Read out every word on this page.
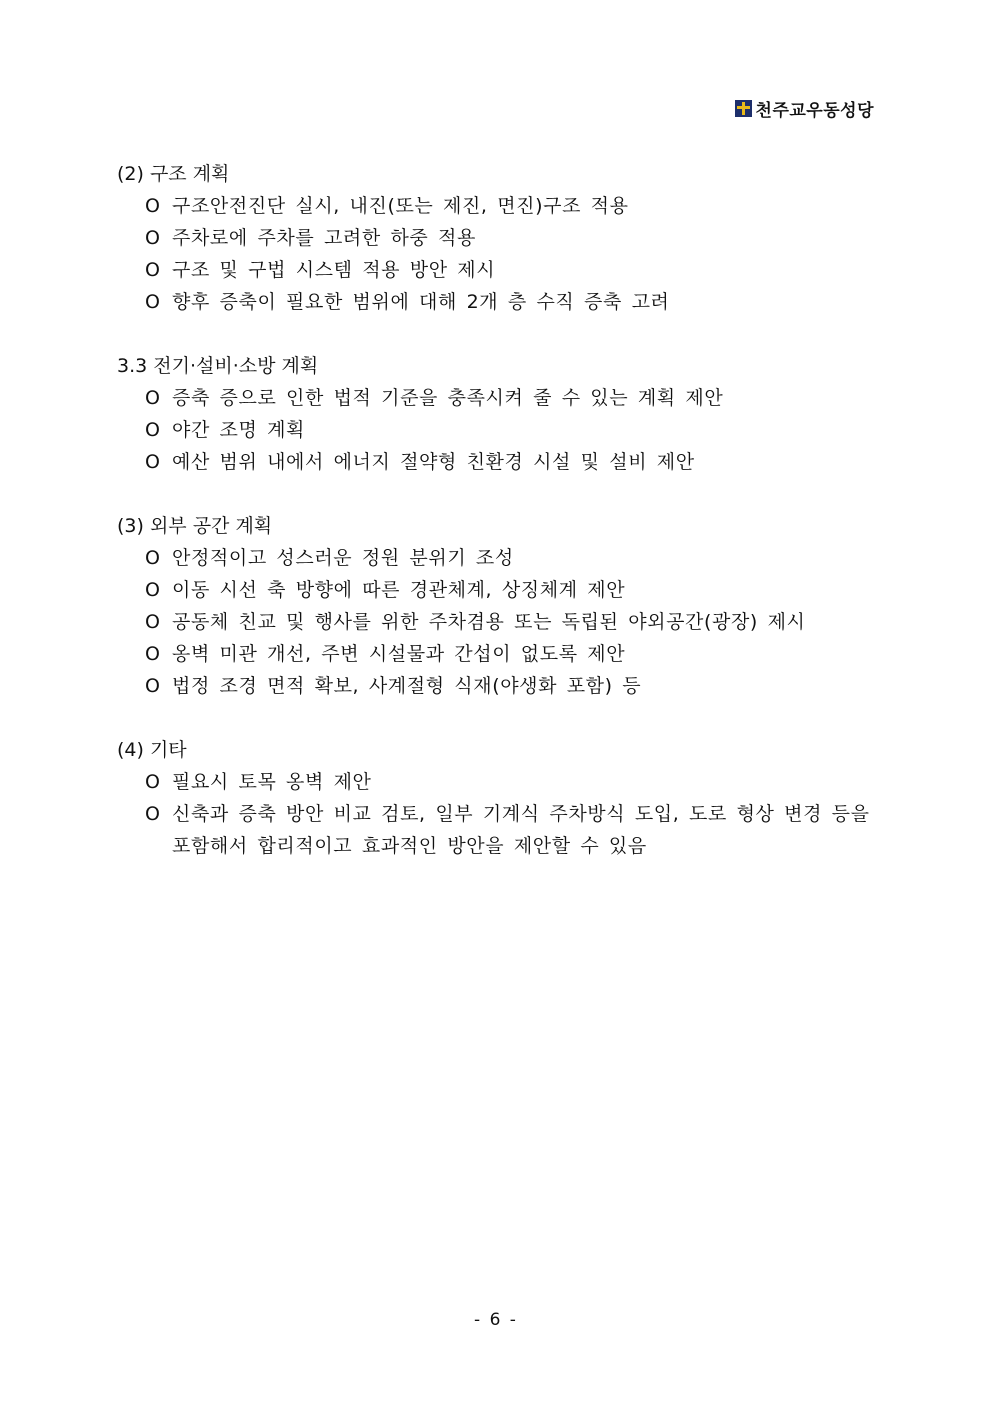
천주교우동성당
(2) 구조 계획
O 구조안전진단 실시, 내진(또는 제진, 면진)구조 적용
O 주차로에 주차를 고려한 하중 적용
O 구조 및 구법 시스템 적용 방안 제시
O 향후 증축이 필요한 범위에 대해 2개 층 수직 증축 고려
3.3 전기·설비·소방 계획
O 증축 증으로 인한 법적 기준을 충족시켜 줄 수 있는 계획 제안
O 야간 조명 계획
O 예산 범위 내에서 에너지 절약형 친환경 시설 및 설비 제안
(3) 외부 공간 계획
O 안정적이고 성스러운 정원 분위기 조성
O 이동 시선 축 방향에 따른 경관체계, 상징체계 제안
O 공동체 친교 및 행사를 위한 주차겸용 또는 독립된 야외공간(광장) 제시
O 옹벽 미관 개선, 주변 시설물과 간섭이 없도록 제안
O 법정 조경 면적 확보, 사계절형 식재(야생화 포함) 등
(4) 기타
O 필요시 토목 옹벽 제안
O 신축과 증축 방안 비교 검토, 일부 기계식 주차방식 도입, 도로 형상 변경 등을 포함해서 합리적이고 효과적인 방안을 제안할 수 있음
- 6 -
